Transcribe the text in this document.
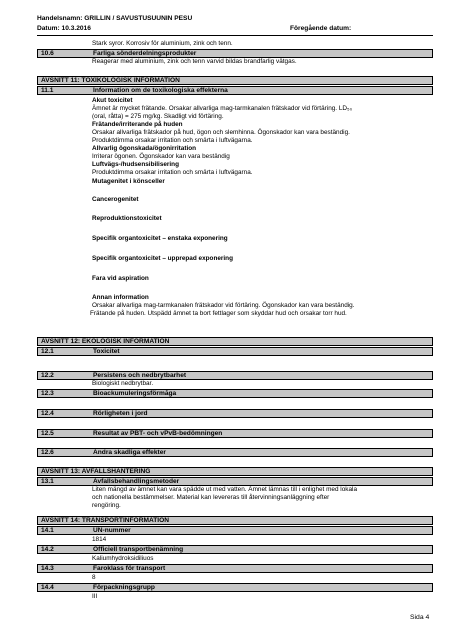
Handelsnamn: GRILLIN / SAVUSTUSUUNIN PESU
Datum: 10.3.2016	Föregående datum:
Stark syror. Korrosiv för aluminium, zink och tenn.
10.6	Farliga sönderdelningsprodukter
Reagerar med aluminium, zink och tenn varvid bildas brandfarlig vätgas.
AVSNITT 11: TOXIKOLOGISK INFORMATION
11.1	Information om de toxikologiska effekterna
Akut toxicitet
Ämnet är mycket frätande. Orsakar allvarliga mag-tarmkanalen frätskador vid förtäring. LD₅₀
(oral, råtta) = 275 mg/kg. Skadligt vid förtäring.
Frätande/irriterande på huden
Orsakar allvarliga frätskador på hud, ögon och slemhinna. Ögonskador kan vara beständig.
Produktdimma orsakar irritation och smärta i luftvägarna.
Allvarlig ögonskada/ögonirritation
Irriterar ögonen. Ögonskador kan vara beständig
Luftvägs-/hudsensibilisering
Produktdimma orsakar irritation och smärta i luftvägarna.
Mutagenitet i könsceller
Cancerogenitet
Reproduktionstoxicitet
Specifik organtoxicitet – enstaka exponering
Specifik organtoxicitet – upprepad exponering
Fara vid aspiration
Annan information
Orsakar allvarliga mag-tarmkanalen frätskador vid förtäring. Ögonskador kan vara beständig.
Frätande på huden. Utspädd ämnet ta bort fettlager som skyddar hud och orsakar torr hud.
AVSNITT 12: EKOLOGISK INFORMATION
12.1	Toxicitet
12.2	Persistens och nedbrytbarhet
Biologiskt nedbrytbar.
12.3	Bioackumuleringsförmåga
12.4	Rörligheten i jord
12.5	Resultat av PBT- och vPvB-bedömningen
12.6	Andra skadliga effekter
AVSNITT 13: AVFALLSHANTERING
13.1	Avfallsbehandlingsmetoder
Liten mängd av ämnet kan vara spädde ut med vatten. Ämnet lämnas till i enlighet med lokala
och nationella bestämmelser. Material kan levereras till återvinningsanläggning efter
rengöring.
AVSNITT 14: TRANSPORTINFORMATION
14.1	UN-nummer
1814
14.2	Officiell transportbenämning
Kaliumhydroksidiliuos
14.3	Faroklass för transport
8
14.4	Förpackningsgrupp
III
Sida 4
